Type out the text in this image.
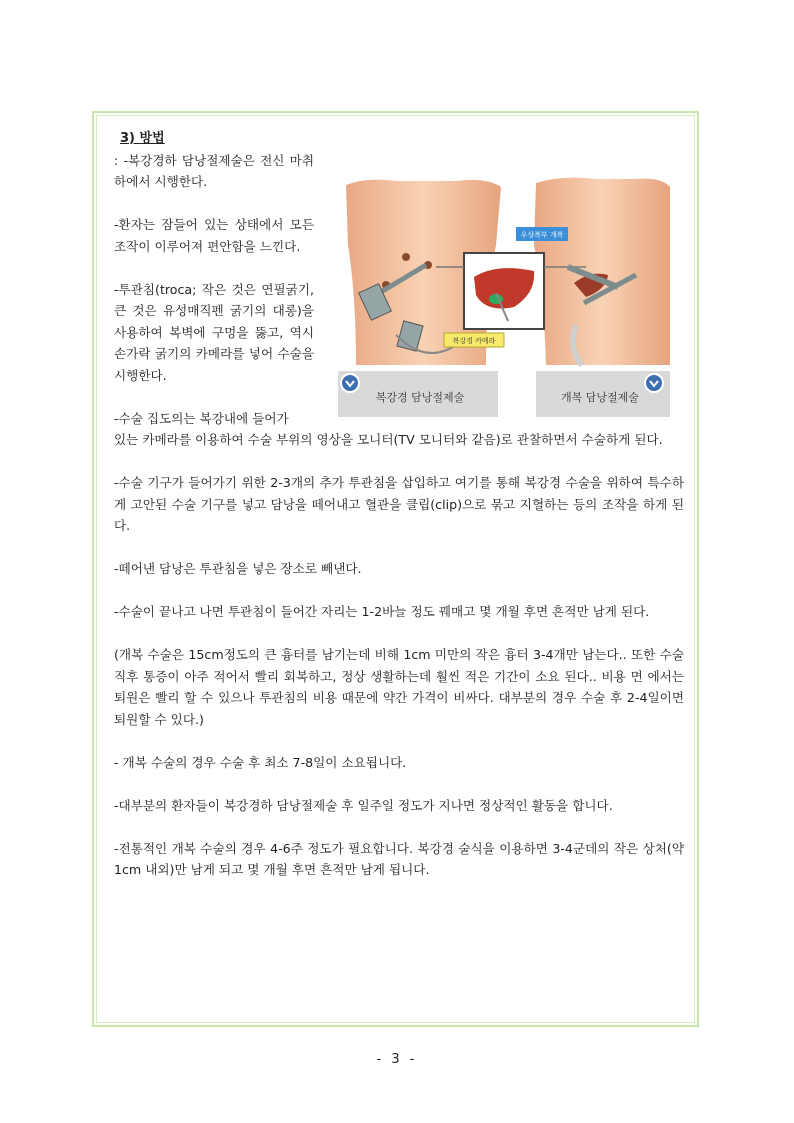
3) 방법

: -복강경하 담낭절제술은 전신 마취 하에서 시행한다.

-환자는 잠들어 있는 상태에서 모든 조작이 이루어져 편안함을 느낀다.

-투관침(troca; 작은 것은 연필굵기, 큰 것은 유성매직펜 굵기의 대롱)을 사용하여 복벽에 구멍을 뚫고, 역시 손가락 굵기의 카메라를 넣어 수술을 시행한다.

-수술 집도의는 복강내에 들어가

있는 카메라를 이용하여 수술 부위의 영상을 모니터(TV 모니터와 같음)로 관찰하면서 수술하게 된다.

-수술 기구가 들어가기 위한 2-3개의 추가 투관침을 삽입하고 여기를 통해 복강경 수술을 위하여 특수하게 고안된 수술 기구를 넣고 담낭을 떼어내고 혈관을 클립(clip)으로 묶고 지혈하는 등의 조작을 하게 된다.

-떼어낸 담낭은 투관침을 넣은 장소로 빼낸다.

-수술이 끝나고 나면 투관침이 들어간 자리는 1-2바늘 정도 꿰매고 몇 개월 후면 흔적만 남게 된다.

(개복 수술은 15cm정도의 큰 흉터를 남기는데 비해 1cm 미만의 작은 흉터 3-4개만 남는다.. 또한 수술직후 통증이 아주 적어서 빨리 회복하고, 정상 생활하는데 훨씬 적은 기간이 소요 된다.. 비용 면 에서는 퇴원은 빨리 할 수 있으나 투관침의 비용 때문에 약간 가격이 비싸다. 대부분의 경우 수술 후 2-4일이면 퇴원할 수 있다.)

- 개복 수술의 경우 수술 후 최소 7-8일이 소요됩니다.

-대부분의 환자들이 복강경하 담낭절제술 후 일주일 정도가 지나면 정상적인 활동을 합니다.

-전통적인 개복 수술의 경우 4-6주 정도가 필요합니다. 복강경 술식을 이용하면 3-4군데의 작은 상처(약 1cm 내외)만 남게 되고 몇 개월 후면 흔적만 남게 됩니다.

우상복부 개복
복강경 카메라
복강경 담낭절제술	개복 담낭절제술
- 3 -
